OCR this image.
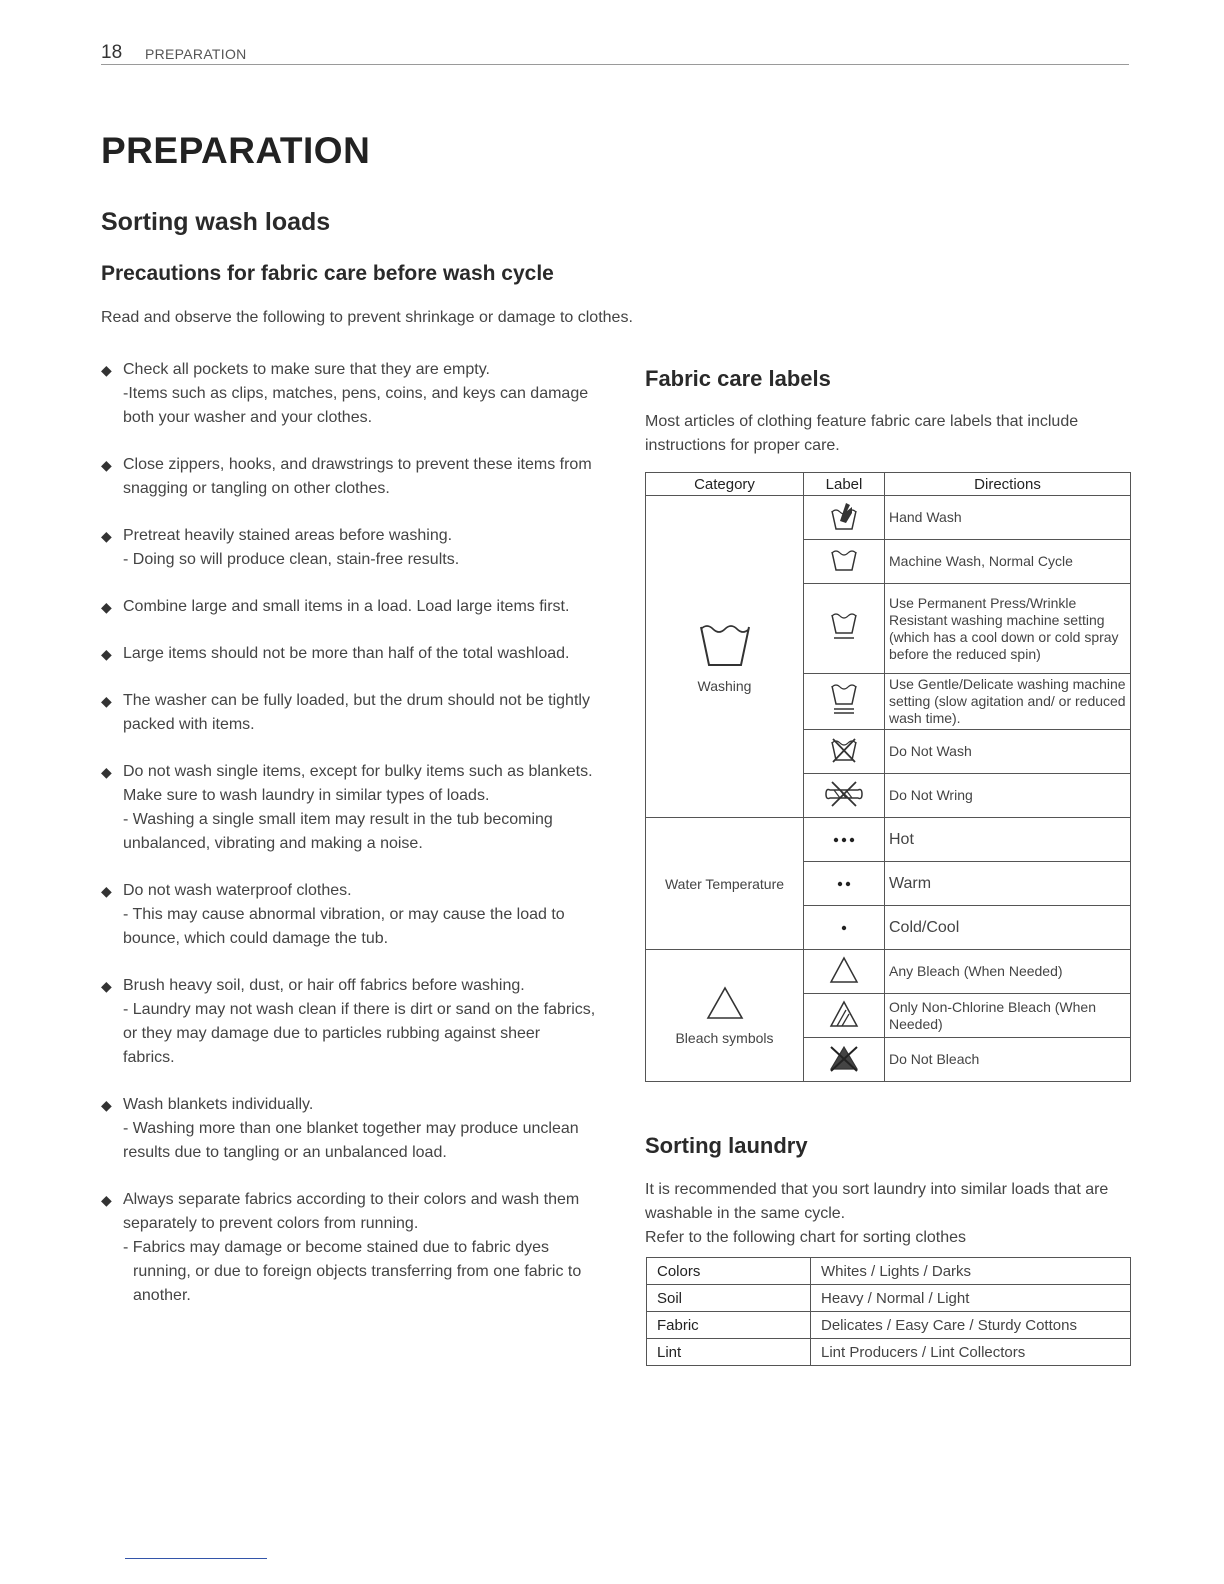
18 PREPARATION
PREPARATION
Sorting wash loads
Precautions for fabric care before wash cycle
Read and observe the following to prevent shrinkage or damage to clothes.
◆ Check all pockets to make sure that they are empty.
-Items such as clips, matches, pens, coins, and keys can damage both your washer and your clothes.
◆ Close zippers, hooks, and drawstrings to prevent these items from snagging or tangling on other clothes.
◆ Pretreat heavily stained areas before washing.
- Doing so will produce clean, stain-free results.
◆ Combine large and small items in a load. Load large items first.
◆ Large items should not be more than half of the total washload.
◆ The washer can be fully loaded, but the drum should not be tightly packed with items.
◆ Do not wash single items, except for bulky items such as blankets. Make sure to wash laundry in similar types of loads.
- Washing a single small item may result in the tub becoming unbalanced, vibrating and making a noise.
◆ Do not wash waterproof clothes.
- This may cause abnormal vibration, or may cause the load to bounce, which could damage the tub.
◆ Brush heavy soil, dust, or hair off fabrics before washing.
- Laundry may not wash clean if there is dirt or sand on the fabrics, or they may damage due to particles rubbing against sheer fabrics.
◆ Wash blankets individually.
- Washing more than one blanket together may produce unclean results due to tangling or an unbalanced load.
◆ Always separate fabrics according to their colors and wash them separately to prevent colors from running.
- Fabrics may damage or become stained due to fabric dyes
running, or due to foreign objects transferring from one fabric to another.
Fabric care labels
Most articles of clothing feature fabric care labels that include instructions for proper care.
Category	Label	Directions

Washing		Hand Wash
	Machine Wash, Normal Cycle
	Use Permanent Press/Wrinkle Resistant washing machine setting (which has a cool down or cold spray before the reduced spin)
	Use Gentle/Delicate washing machine setting (slow agitation and/ or reduced wash time).
	Do Not Wash
	Do Not Wring
Water Temperature		Hot
	Warm
	Cold/Cool

Bleach symbols		Any Bleach (When Needed)
	Only Non-Chlorine Bleach (When Needed)
	Do Not Bleach
Sorting laundry
It is recommended that you sort laundry into similar loads that are washable in the same cycle.
Refer to the following chart for sorting clothes
Colors	Whites / Lights / Darks
Soil	Heavy / Normal / Light
Fabric	Delicates / Easy Care / Sturdy Cottons
Lint	Lint Producers / Lint Collectors
